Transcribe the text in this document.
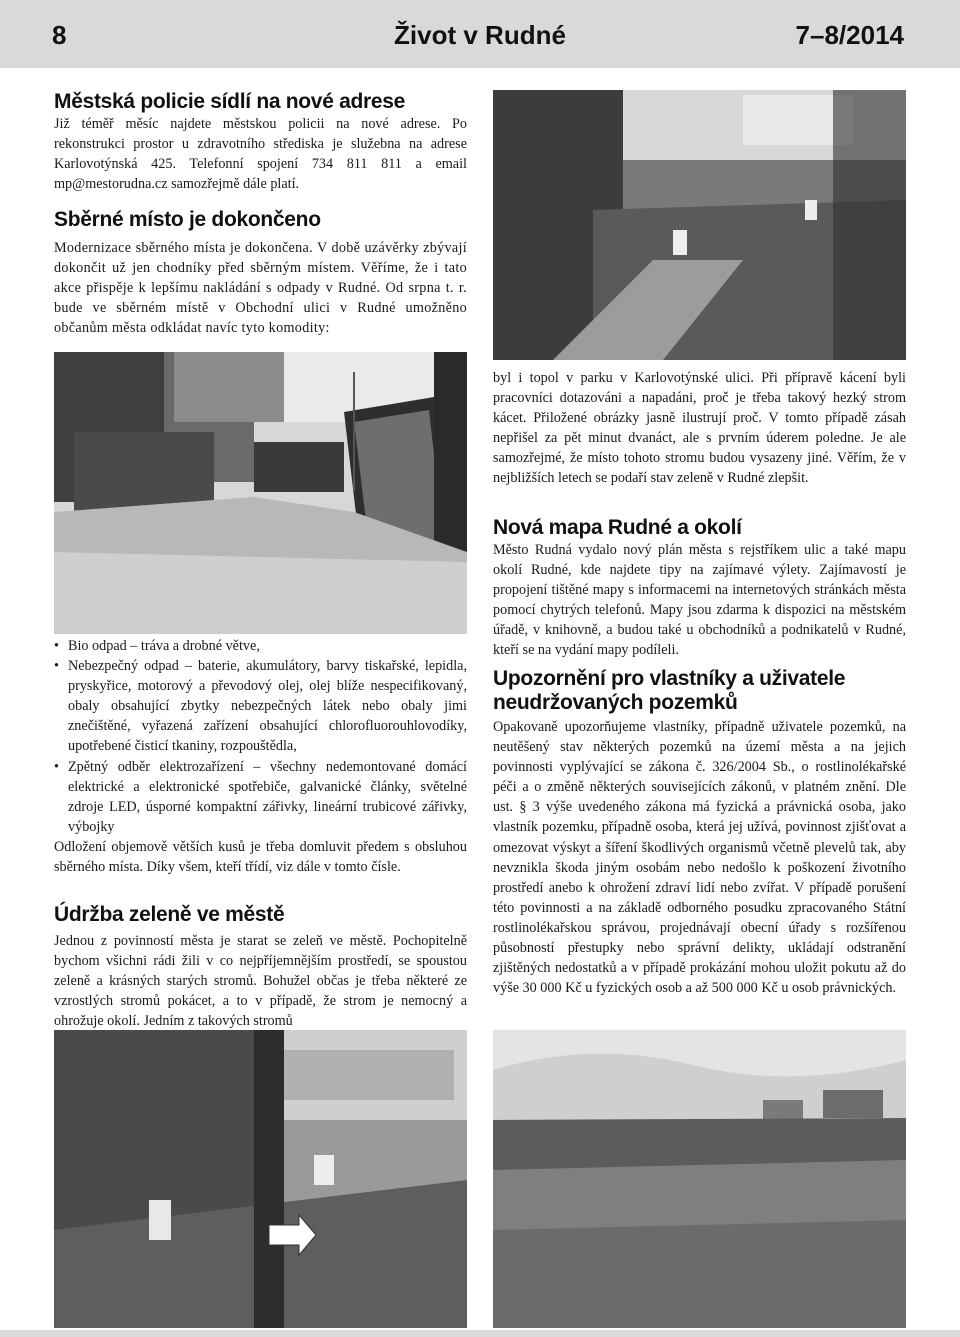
8	Život v Rudné	7–8/2014
Městská policie sídlí na nové adrese

Již téměř měsíc najdete městskou policii na nové adrese. Po rekonstrukci prostor u zdravotního střediska je služebna na adrese Karlovotýnská 425. Telefonní spojení 734 811 811 a email mp@mestorudna.cz samozřejmě dále platí.

Sběrné místo je dokončeno

Modernizace sběrného místa je dokončena. V době uzávěrky zbývají dokončit už jen chodníky před sběrným místem. Věříme, že i tato akce přispěje k lepšímu nakládání s odpady v Rudné. Od srpna t. r. bude ve sběrném místě v Obchodní ulici v Rudné umožněno občanům města odkládat navíc tyto komodity:

• Bio odpad – tráva a drobné větve,
• Nebezpečný odpad – baterie, akumulátory, barvy tiskařské, lepidla, pryskyřice, motorový a převodový olej, olej blíže nespecifikovaný, obaly obsahující zbytky nebezpečných látek nebo obaly jimi znečištěné, vyřazená zařízení obsahující chlorofluorouhlovodíky, upotřebené čisticí tkaniny, rozpouštědla,
• Zpětný odběr elektrozařízení – všechny nedemontované domácí elektrické a elektronické spotřebiče, galvanické články, světelné zdroje LED, úsporné kompaktní zářivky, lineární trubicové zářivky, výbojky

Odložení objemově větších kusů je třeba domluvit předem s obsluhou sběrného místa. Díky všem, kteří třídí, viz dále v tomto čísle.

Údržba zeleně ve městě

Jednou z povinností města je starat se zeleň ve městě. Pochopitelně bychom všichni rádi žili v co nejpříjemnějším prostředí, se spoustou zeleně a krásných starých stromů. Bohužel občas je třeba některé ze vzrostlých stromů pokácet, a to v případě, že strom je nemocný a ohrožuje okolí. Jedním z takových stromů

byl i topol v parku v Karlovotýnské ulici. Při přípravě kácení byli pracovníci dotazováni a napadáni, proč je třeba takový hezký strom kácet. Přiložené obrázky jasně ilustrují proč. V tomto případě zásah nepřišel za pět minut dvanáct, ale s prvním úderem poledne. Je ale samozřejmé, že místo tohoto stromu budou vysazeny jiné. Věřím, že v nejbližších letech se podaří stav zeleně v Rudné zlepšit.

Nová mapa Rudné a okolí

Město Rudná vydalo nový plán města s rejstříkem ulic a také mapu okolí Rudné, kde najdete tipy na zajímavé výlety. Zajímavostí je propojení tištěné mapy s informacemi na internetových stránkách města pomocí chytrých telefonů. Mapy jsou zdarma k dispozici na městském úřadě, v knihovně, a budou také u obchodníků a podnikatelů v Rudné, kteří se na vydání mapy podíleli.

Upozornění pro vlastníky a uživatele neudržovaných pozemků

Opakovaně upozorňujeme vlastníky, případně uživatele pozemků, na neutěšený stav některých pozemků na území města a na jejich povinnosti vyplývající se zákona č. 326/2004 Sb., o rostlinolékařské péči a o změně některých souvisejících zákonů, v platném znění. Dle ust. § 3 výše uvedeného zákona má fyzická a právnická osoba, jako vlastník pozemku, případně osoba, která jej užívá, povinnost zjišťovat a omezovat výskyt a šíření škodlivých organismů včetně plevelů tak, aby nevznikla škoda jiným osobám nebo nedošlo k poškození životního prostředí anebo k ohrožení zdraví lidí nebo zvířat. V případě porušení této povinnosti a na základě odborného posudku zpracovaného Státní rostlinolékařskou správou, projednávají obecní úřady s rozšířenou působností přestupky nebo správní delikty, ukládají odstranění zjištěných nedostatků a v případě prokázání mohou uložit pokutu až do výše 30 000 Kč u fyzických osob a až 500 000 Kč u osob právnických.
